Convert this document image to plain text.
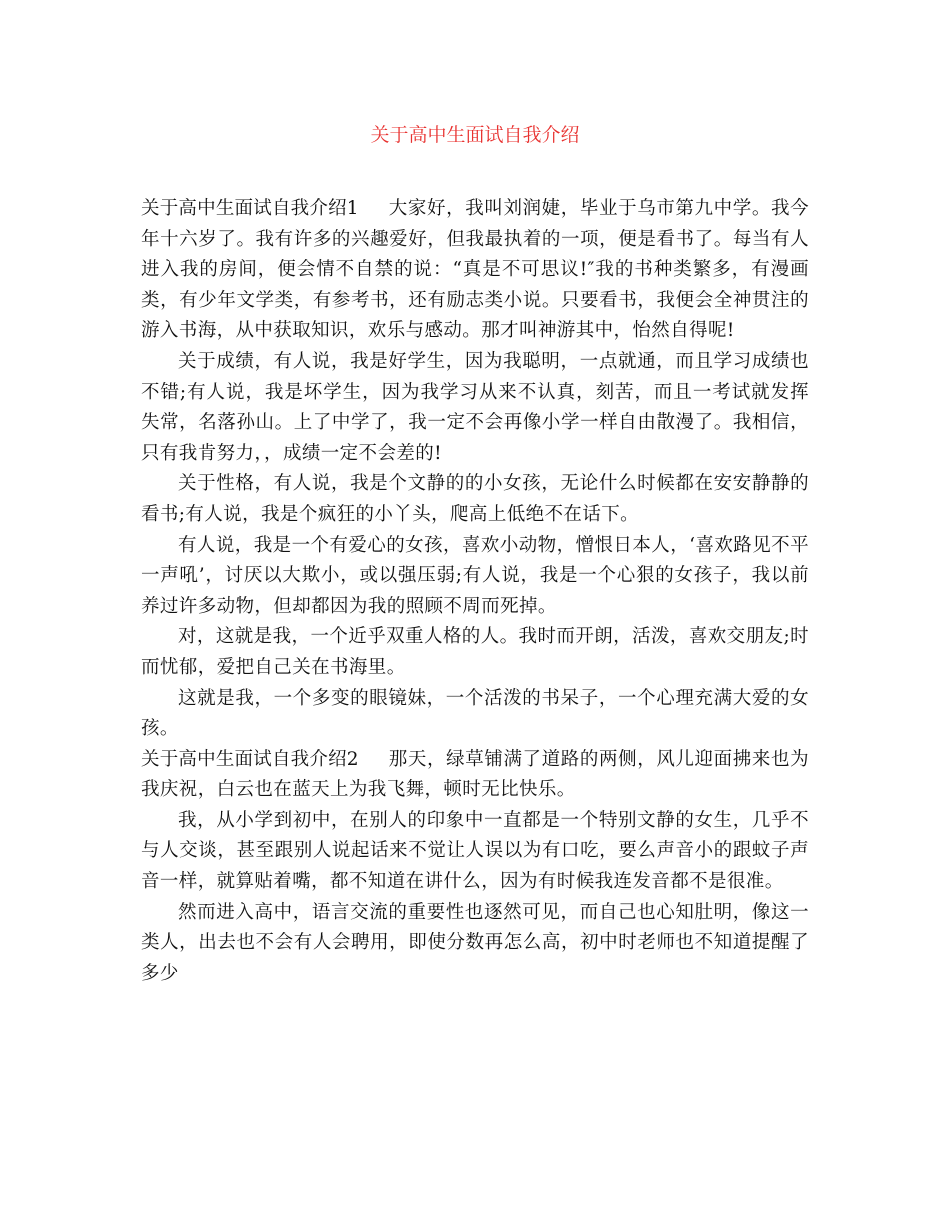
关于高中生面试自我介绍

关于高中生面试自我介绍1 大家好，我叫刘润婕，毕业于乌市第九中学。我今年十六岁了。我有许多的兴趣爱好，但我最执着的一项，便是看书了。每当有人进入我的房间，便会情不自禁的说：“真是不可思议!″我的书种类繁多，有漫画类，有少年文学类，有参考书，还有励志类小说。只要看书，我便会全神贯注的游入书海，从中获取知识，欢乐与感动。那才叫神游其中，怡然自得呢!

关于成绩，有人说，我是好学生，因为我聪明，一点就通，而且学习成绩也不错;有人说，我是坏学生，因为我学习从来不认真，刻苦，而且一考试就发挥失常，名落孙山。上了中学了，我一定不会再像小学一样自由散漫了。我相信，只有我肯努力，，成绩一定不会差的!

关于性格，有人说，我是个文静的的小女孩，无论什么时候都在安安静静的看书;有人说，我是个疯狂的小丫头，爬高上低绝不在话下。

有人说，我是一个有爱心的女孩，喜欢小动物，憎恨日本人，‘喜欢路见不平一声吼’，讨厌以大欺小，或以强压弱;有人说，我是一个心狠的女孩子，我以前养过许多动物，但却都因为我的照顾不周而死掉。

对，这就是我，一个近乎双重人格的人。我时而开朗，活泼，喜欢交朋友;时而忧郁，爱把自己关在书海里。

这就是我，一个多变的眼镜妹，一个活泼的书呆子，一个心理充满大爱的女孩。

关于高中生面试自我介绍2 那天，绿草铺满了道路的两侧，风儿迎面拂来也为我庆祝，白云也在蓝天上为我飞舞，顿时无比快乐。

我，从小学到初中，在别人的印象中一直都是一个特别文静的女生，几乎不与人交谈，甚至跟别人说起话来不觉让人误以为有口吃，要么声音小的跟蚊子声音一样，就算贴着嘴，都不知道在讲什么，因为有时候我连发音都不是很准。

然而进入高中，语言交流的重要性也逐然可见，而自己也心知肚明，像这一类人，出去也不会有人会聘用，即使分数再怎么高，初中时老师也不知道提醒了多少
